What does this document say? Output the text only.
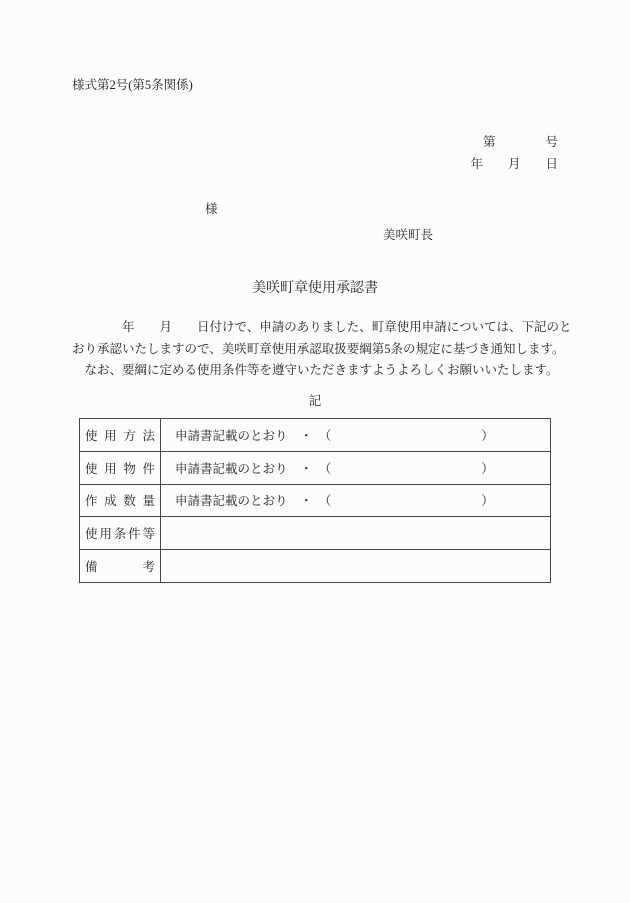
様式第2号(第5条関係)
第　　　　号
年　　月　　日
様
美咲町長
美咲町章使用承認書
　　　　年　　月　　日付けで、申請のありました、町章使用申請については、下記のと
おり承認いたしますので、美咲町章使用承認取扱要綱第5条の規定に基づき通知します。
　なお、要綱に定める使用条件等を遵守いただきますようよろしくお願いいたします。
記
使 用 方 法	申請書記載のとおり　・　（　　　　　　　　　　　　）
使 用 物 件	申請書記載のとおり　・　（　　　　　　　　　　　　）
作 成 数 量	申請書記載のとおり　・　（　　　　　　　　　　　　）
使用条件等	
備　　　考	
